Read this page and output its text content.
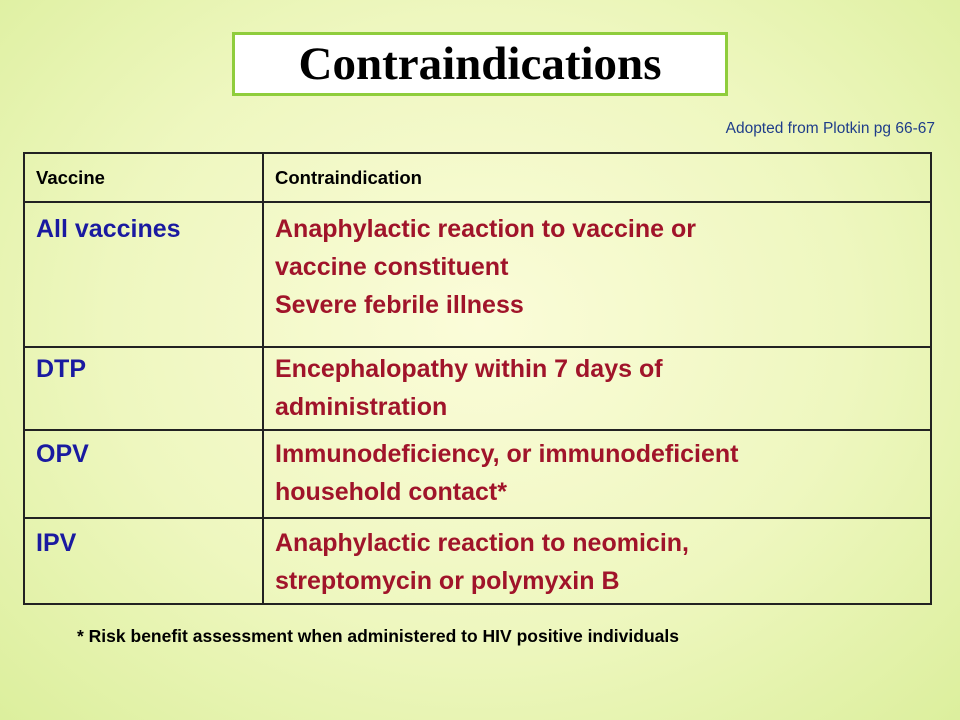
Contraindications
Adopted from Plotkin pg 66-67
Vaccine	Contraindication
All vaccines	Anaphylactic reaction to vaccine or
vaccine constituent
Severe febrile illness

DTP	Encephalopathy within 7 days of
administration

OPV	Immunodeficiency, or immunodeficient
household contact*

IPV	Anaphylactic reaction to neomicin,
streptomycin or polymyxin B
* Risk benefit assessment when administered to HIV positive individuals
